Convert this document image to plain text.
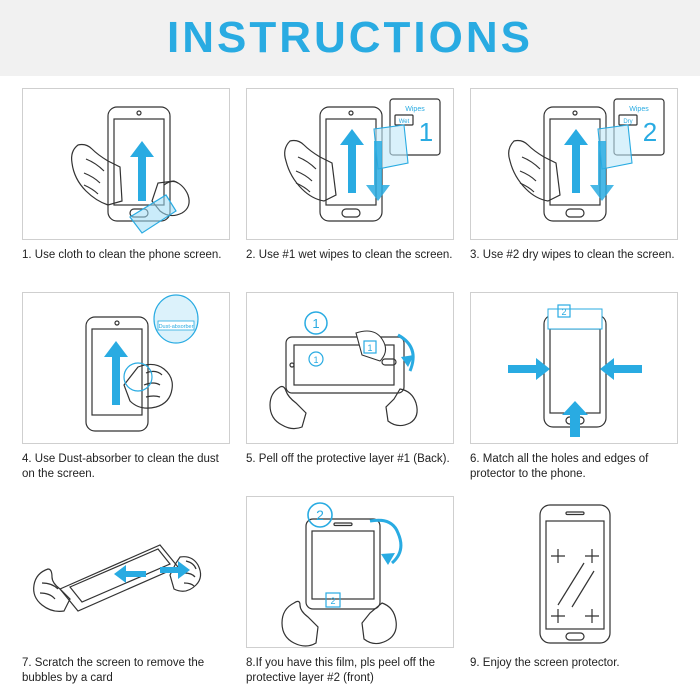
INSTRUCTIONS
1. Use cloth to clean the phone screen.
Wipes
Wet 1
2. Use #1 wet wipes to clean the screen.
Wipes
Dry 2
3. Use #2 dry wipes to clean the screen.
Dust-absorber
4. Use Dust-absorber to clean the dust on the screen.
1
1
1
5. Pell off the protective layer #1 (Back).
2
6. Match all the holes and edges of protector to the phone.
7. Scratch the screen to remove the bubbles by a card
2
2
8.If you have this film, pls peel off the protective layer #2 (front)
9. Enjoy the screen protector.
